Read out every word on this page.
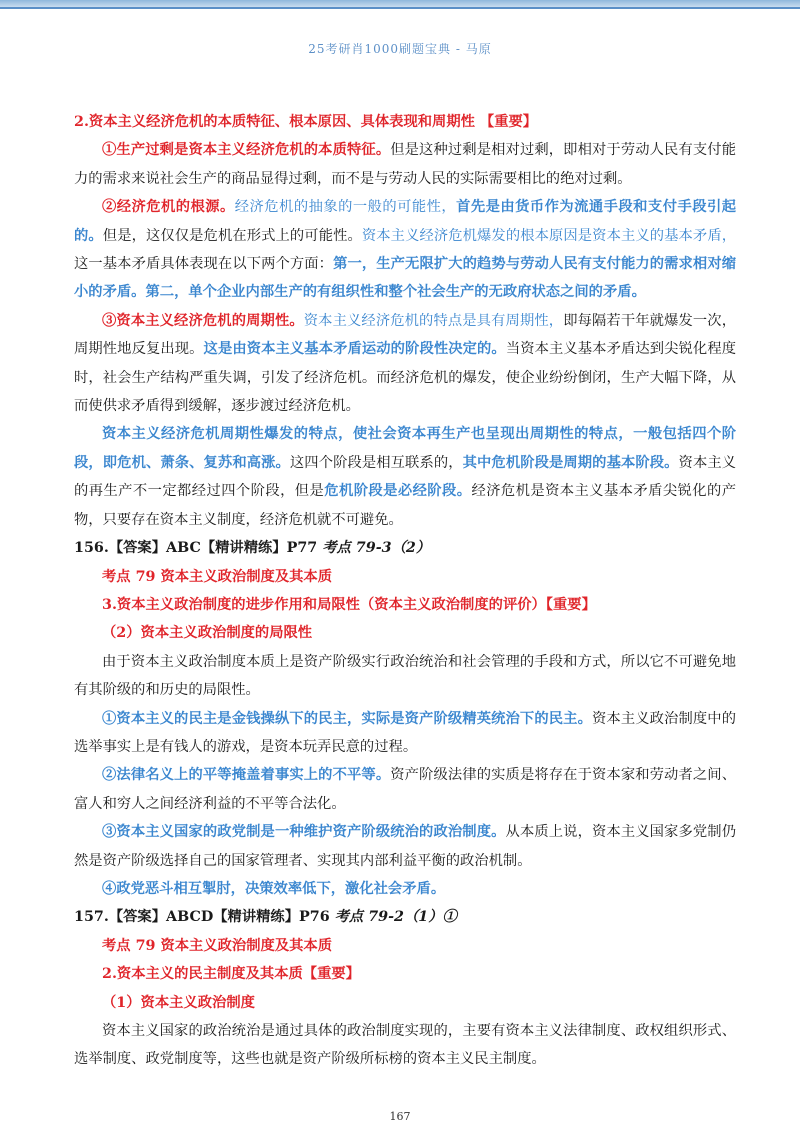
25考研肖1000刷题宝典 - 马原

2.资本主义经济危机的本质特征、根本原因、具体表现和周期性 【重要】

①生产过剩是资本主义经济危机的本质特征。但是这种过剩是相对过剩，即相对于劳动人民有支付能力的需求来说社会生产的商品显得过剩，而不是与劳动人民的实际需要相比的绝对过剩。

②经济危机的根源。经济危机的抽象的一般的可能性，首先是由货币作为流通手段和支付手段引起的。但是，这仅仅是危机在形式上的可能性。资本主义经济危机爆发的根本原因是资本主义的基本矛盾，这一基本矛盾具体表现在以下两个方面：第一，生产无限扩大的趋势与劳动人民有支付能力的需求相对缩小的矛盾。第二，单个企业内部生产的有组织性和整个社会生产的无政府状态之间的矛盾。

③资本主义经济危机的周期性。资本主义经济危机的特点是具有周期性，即每隔若干年就爆发一次，周期性地反复出现。这是由资本主义基本矛盾运动的阶段性决定的。当资本主义基本矛盾达到尖锐化程度时，社会生产结构严重失调，引发了经济危机。而经济危机的爆发，使企业纷纷倒闭，生产大幅下降，从而使供求矛盾得到缓解，逐步渡过经济危机。

资本主义经济危机周期性爆发的特点，使社会资本再生产也呈现出周期性的特点，一般包括四个阶段，即危机、萧条、复苏和高涨。这四个阶段是相互联系的，其中危机阶段是周期的基本阶段。资本主义的再生产不一定都经过四个阶段，但是危机阶段是必经阶段。经济危机是资本主义基本矛盾尖锐化的产物，只要存在资本主义制度，经济危机就不可避免。

156.【答案】ABC【精讲精练】P77 考点 79-3（2）

考点 79 资本主义政治制度及其本质

3.资本主义政治制度的进步作用和局限性（资本主义政治制度的评价）【重要】

（2）资本主义政治制度的局限性

由于资本主义政治制度本质上是资产阶级实行政治统治和社会管理的手段和方式，所以它不可避免地有其阶级的和历史的局限性。

①资本主义的民主是金钱操纵下的民主，实际是资产阶级精英统治下的民主。资本主义政治制度中的选举事实上是有钱人的游戏，是资本玩弄民意的过程。

②法律名义上的平等掩盖着事实上的不平等。资产阶级法律的实质是将存在于资本家和劳动者之间、富人和穷人之间经济利益的不平等合法化。

③资本主义国家的政党制是一种维护资产阶级统治的政治制度。从本质上说，资本主义国家多党制仍然是资产阶级选择自己的国家管理者、实现其内部利益平衡的政治机制。

④政党恶斗相互掣肘，决策效率低下，激化社会矛盾。

157.【答案】ABCD【精讲精练】P76 考点 79-2（1）①

考点 79 资本主义政治制度及其本质

2.资本主义的民主制度及其本质【重要】

（1）资本主义政治制度

资本主义国家的政治统治是通过具体的政治制度实现的，主要有资本主义法律制度、政权组织形式、选举制度、政党制度等，这些也就是资产阶级所标榜的资本主义民主制度。

167
